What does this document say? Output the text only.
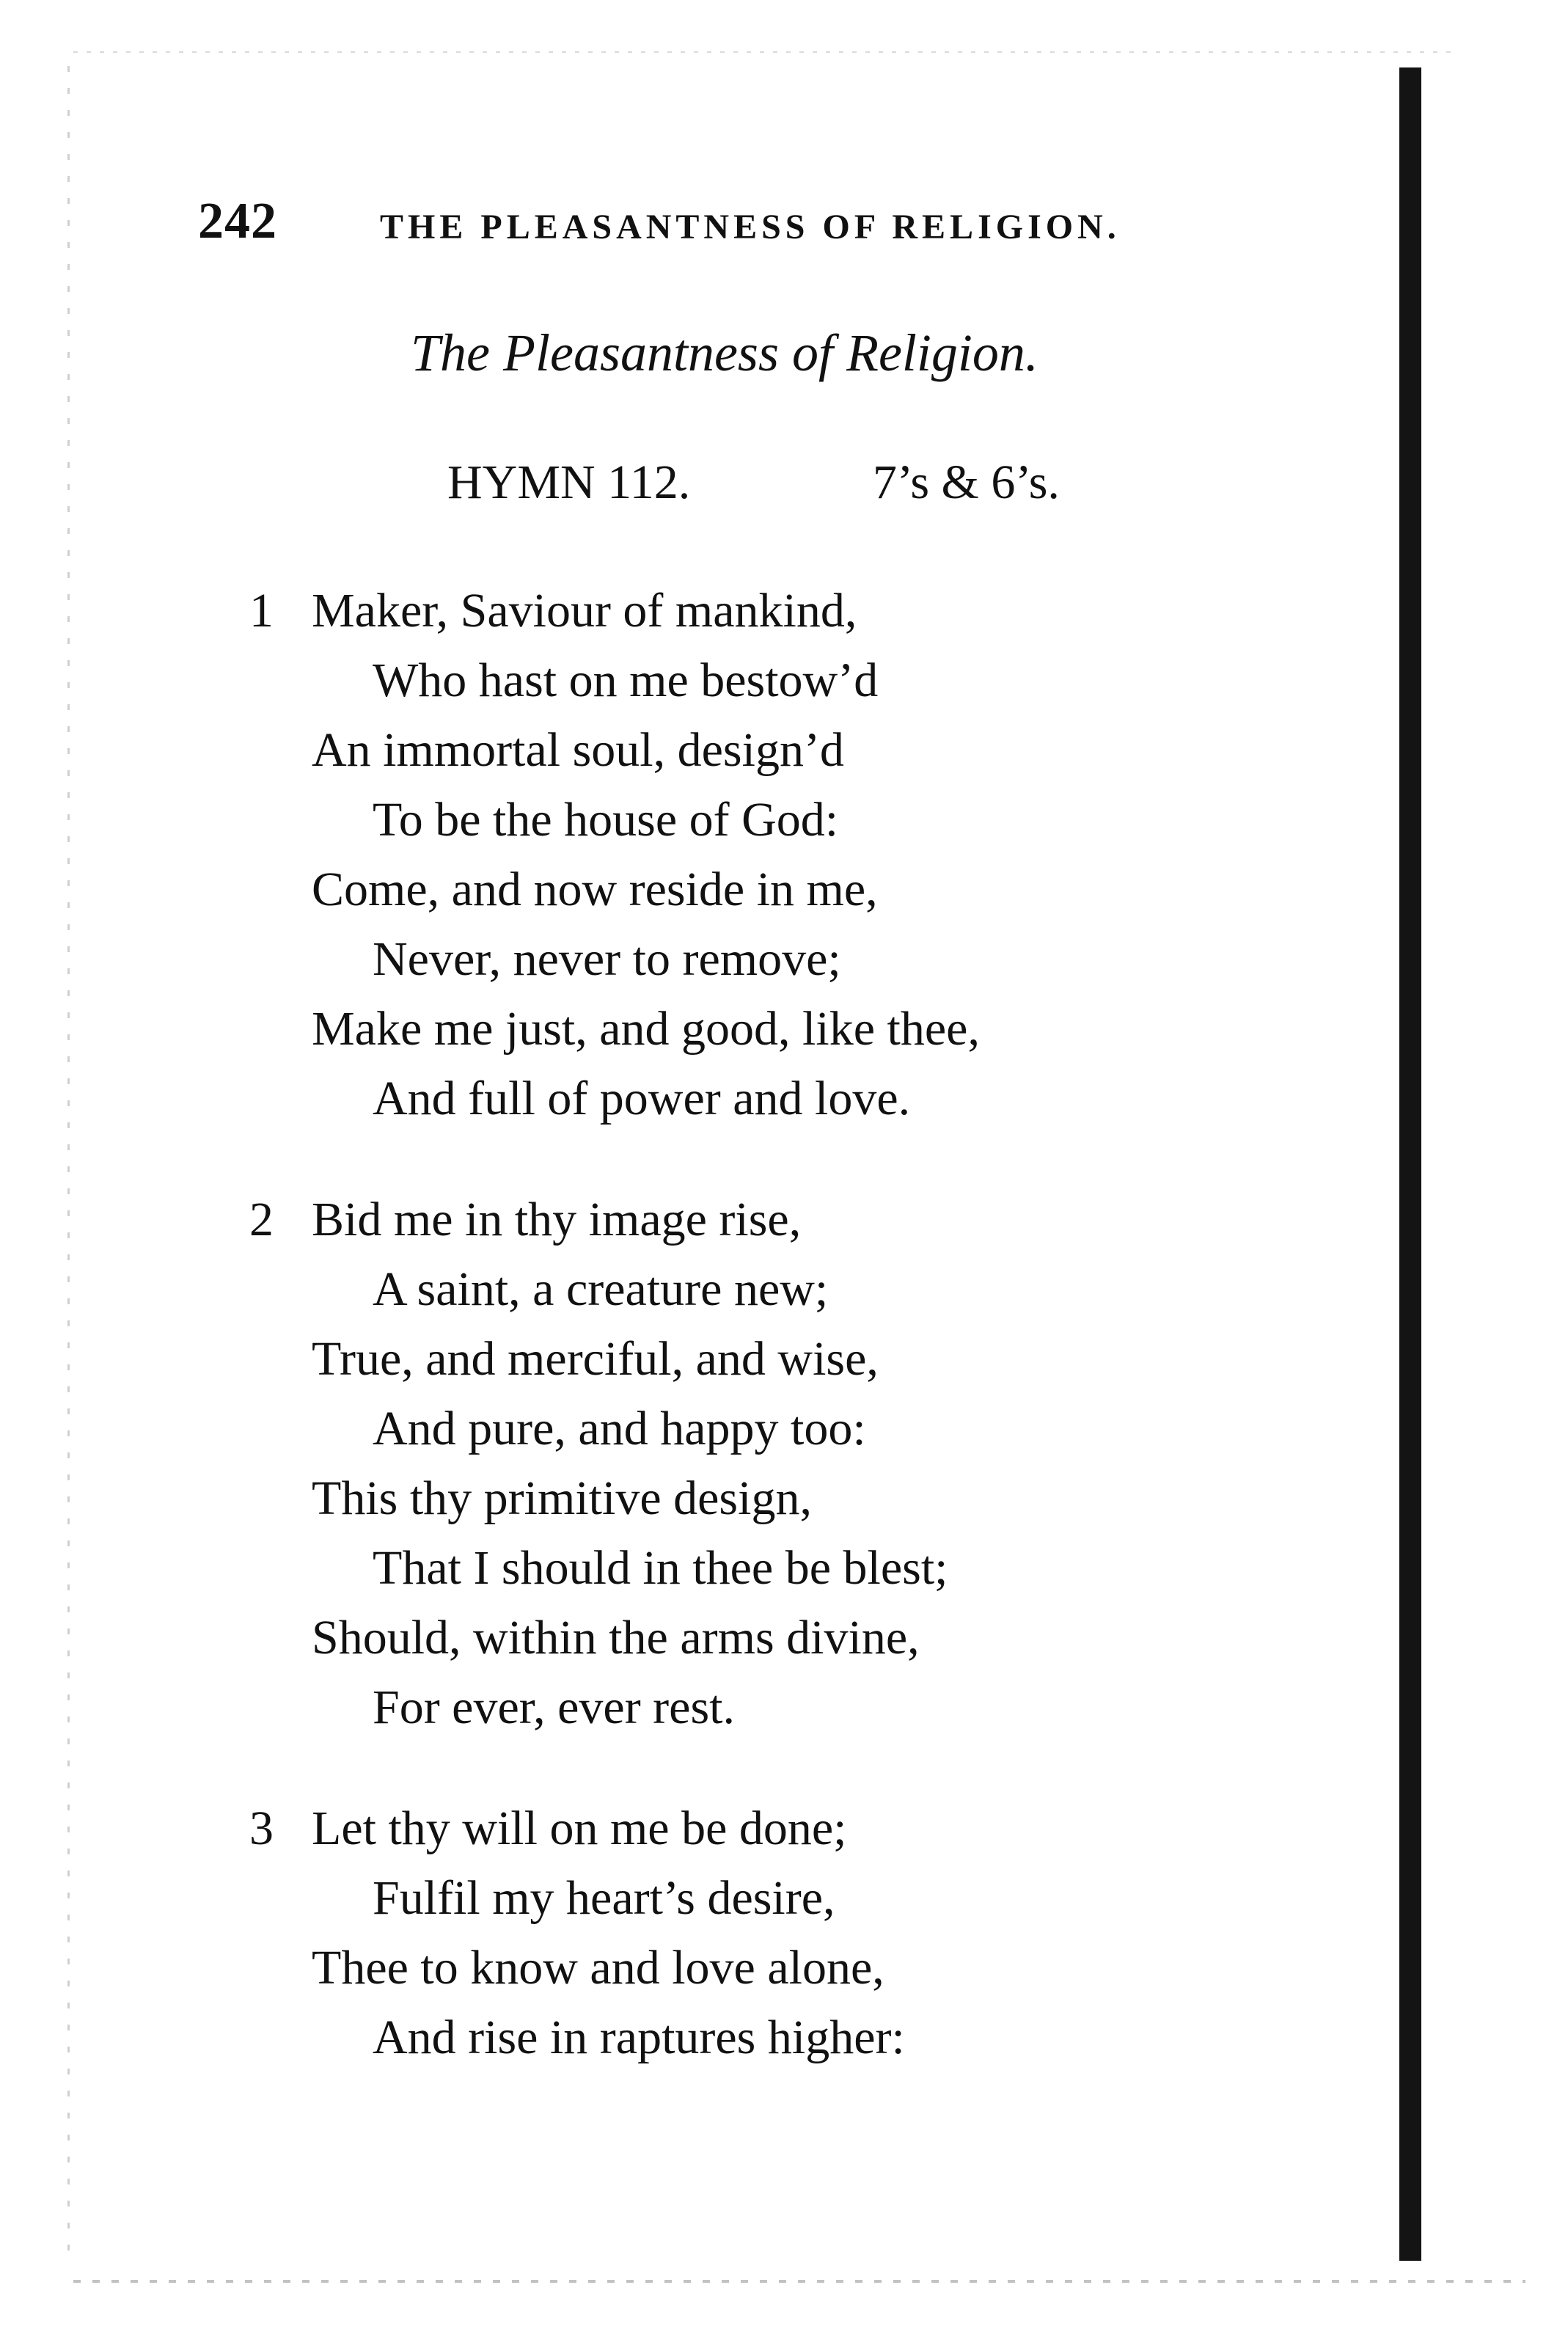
242	THE PLEASANTNESS OF RELIGION.
The Pleasantness of Religion.
HYMN 112.	7’s & 6’s.
1 Maker, Saviour of mankind,
Who hast on me bestow’d
An immortal soul, design’d
To be the house of God:
Come, and now reside in me,
Never, never to remove;
Make me just, and good, like thee,
And full of power and love.
2 Bid me in thy image rise,
A saint, a creature new;
True, and merciful, and wise,
And pure, and happy too:
This thy primitive design,
That I should in thee be blest;
Should, within the arms divine,
For ever, ever rest.
3 Let thy will on me be done;
Fulfil my heart’s desire,
Thee to know and love alone,
And rise in raptures higher:
